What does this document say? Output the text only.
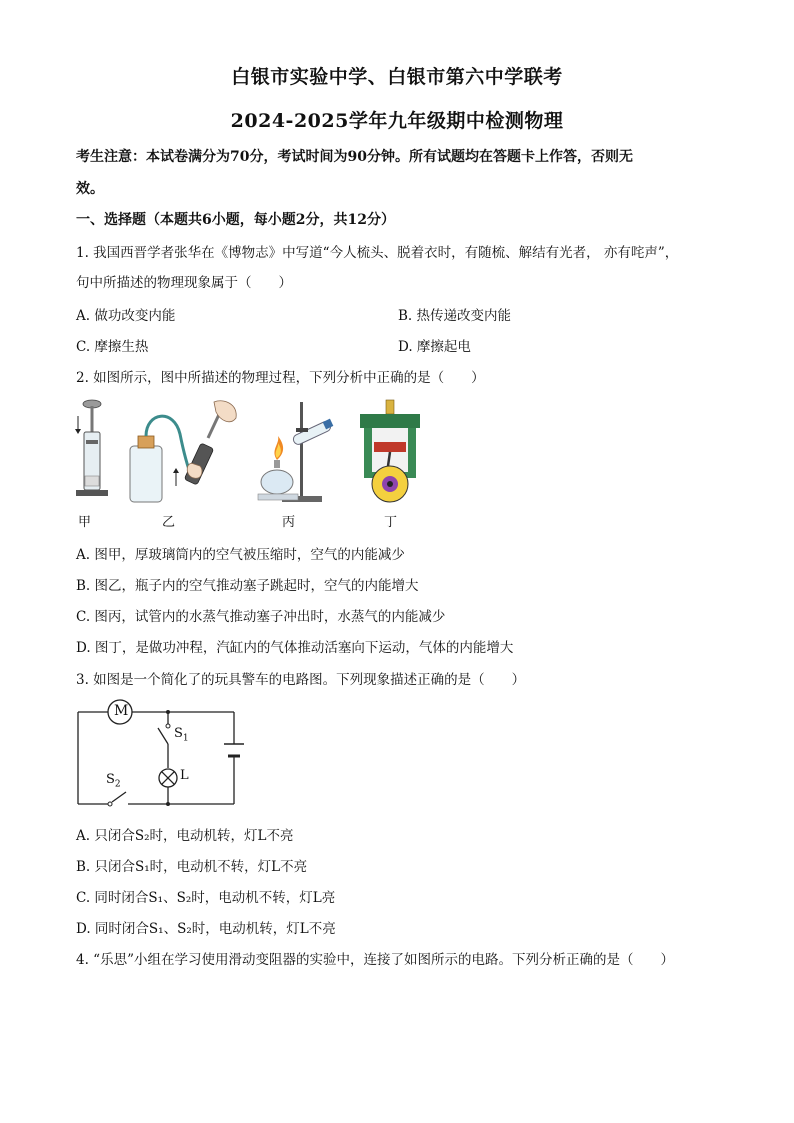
白银市实验中学、白银市第六中学联考
2024-2025学年九年级期中检测物理
考生注意：本试卷满分为70分，考试时间为90分钟。所有试题均在答题卡上作答，否则无
效。
一、选择题（本题共6小题，每小题2分，共12分）
1. 我国西晋学者张华在《博物志》中写道“今人梳头、脱着衣时，有随梳、解结有光者， 亦有咤声”，
句中所描述的物理现象属于（　　）
A. 做功改变内能	B. 热传递改变内能
C. 摩擦生热	D. 摩擦起电
2. 如图所示，图中所描述的物理过程，下列分析中正确的是（　　）
甲	乙	丙	丁
A. 图甲，厚玻璃筒内的空气被压缩时，空气的内能减少
B. 图乙，瓶子内的空气推动塞子跳起时，空气的内能增大
C. 图丙，试管内的水蒸气推动塞子冲出时，水蒸气的内能减少
D. 图丁，是做功冲程，汽缸内的气体推动活塞向下运动，气体的内能增大
3. 如图是一个简化了的玩具警车的电路图。下列现象描述正确的是（　　）
M
$S_1$
L
$S_2$
A. 只闭合S₂时，电动机转，灯L不亮
B. 只闭合S₁时，电动机不转，灯L不亮
C. 同时闭合S₁、S₂时，电动机不转，灯L亮
D. 同时闭合S₁、S₂时，电动机转，灯L不亮
4. “乐思”小组在学习使用滑动变阻器的实验中，连接了如图所示的电路。下列分析正确的是（　　）
